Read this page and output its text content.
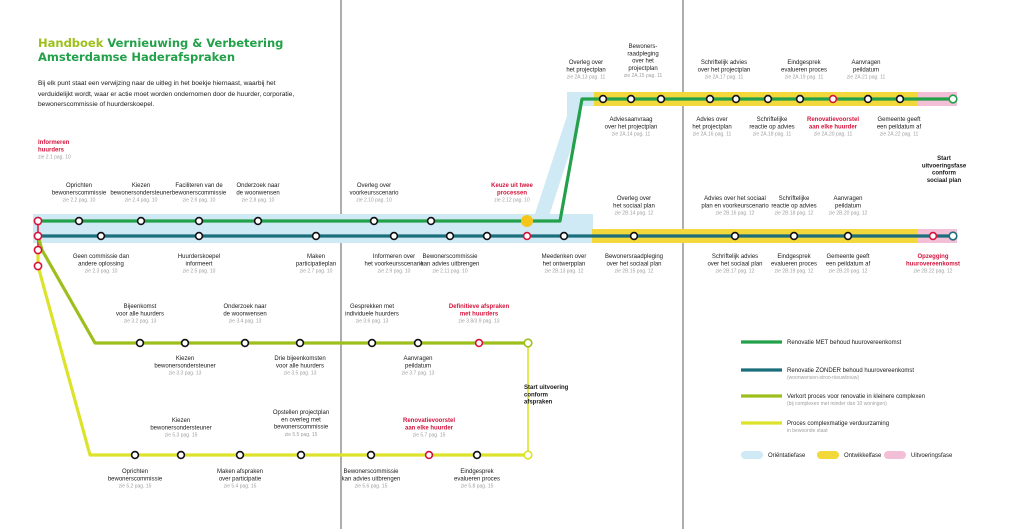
Handboek Vernieuwing & Verbetering
Amsterdamse Haderafspraken

Bij elk punt staat een verwijzing naar de uitleg in het boekje hiernaast, waarbij het verduidelijkt wordt, waar er actie moet worden ondernomen door de huurder, corporatie, bewonerscommissie of huurderskoepel.

Informeren
huurders
zie 2.1 pag. 10
Oprichten
bewonerscommissie
zie 2.2 pag. 10
Kiezen
bewonersondersteuner
zie 2.4 pag. 10
Faciliteren van de
bewonerscommissie
zie 2.6 pag. 10
Onderzoek naar
de woonwensen
zie 2.8 pag. 10
Overleg over
voorkeursscenario
zie 2.10 pag. 10
Keuze uit twee
processen
zie 2.12 pag. 10
Geen commissie dan
andere oplossing
zie 2.3 pag. 10
Huurderskoepel
informeert
zie 2.5 pag. 10
Maken
participatieplan
zie 2.7 pag. 10
Informeren over
het voorkeursscenario
zie 2.9 pag. 10
Bewonerscommissie
kan advies uitbrengen
zie 2.11 pag. 10
Meedenken over
het ontwerpplan
zie 2B.13 pag. 12
Bewonersraadpleging
over het sociaal plan
zie 2B.15 pag. 12
Schriftelijk advies
over het sociaal plan
zie 2B.17 pag. 12
Eindgesprek
evalueren proces
zie 2B.19 pag. 12
Gemeente geeft
een peildatum af
zie 2B.20 pag. 12
Opzegging
huurovereenkomst
zie 2B.22 pag. 12
Overleg over
het sociaal plan
zie 2B.14 pag. 12
Advies over het sociaal
plan en voorkeurscenario
zie 2B.16 pag. 12
Schriftelijke
reactie op advies
zie 2B.18 pag. 12
Aanvragen
peildatum
zie 2B.20 pag. 12
Overleg over
het projectplan
zie 2A.13 pag. 11
Bewoners-
raadpleging
over het
projectplan
zie 2A.15 pag. 11
Schriftelijk advies
over het projectplan
zie 2A.17 pag. 11
Eindgesprek
evalueren proces
zie 2A.19 pag. 11
Aanvragen
peildatum
zie 2A.21 pag. 11
Adviesaanvraag
over het projectplan
zie 2A.14 pag. 11
Advies over
het projectplan
zie 2A.16 pag. 11
Schriftelijke
reactie op advies
zie 2A.18 pag. 11
Renovatievoorstel
aan elke huurder
zie 2A.20 pag. 11
Gemeente geeft
een peildatum af
zie 2A.22 pag. 11
Start
uitvoeringsfase
conform
sociaal plan
Bijeenkomst
voor alle huurders
zie 3.2 pag. 13
Onderzoek naar
de woonwensen
zie 3.4 pag. 13
Gesprekken met
individuele huurders
zie 3.6 pag. 13
Definitieve afspraken
met huurders
zie 3.8/3.9 pag. 13
Kiezen
bewonersondersteuner
zie 3.3 pag. 13
Drie bijeenkomsten
voor alle huurders
zie 3.5 pag. 13
Aanvragen
peildatum
zie 3.7 pag. 13
Start uitvoering
conform
afspraken
Kiezen
bewonersondersteuner
zie 5.3 pag. 15
Opstellen projectplan
en overleg met
bewonerscommissie
zie 5.5 pag. 15
Renovatievoorstel
aan elke huurder
zie 5.7 pag. 15
Oprichten
bewonerscommissie
zie 5.2 pag. 15
Maken afspraken
over participatie
zie 5.4 pag. 15
Bewonerscommissie
kan advies uitbrengen
zie 5.6 pag. 15
Eindgesprek
evalueren proces
zie 5.8 pag. 15
Renovatie MET behoud huurovereenkomst
Renovatie ZONDER behoud huurovereenkomst
(woonwensen-stroo-nieuwbouw)
Verkort proces voor renovatie in kleinere complexen
(bij complexen met minder dan 10 woningen)
Proces complexmatige verduurzaming
in bewoonde staat
Oriëntatiefase	Ontwikkelfase	Uitvoeringsfase
